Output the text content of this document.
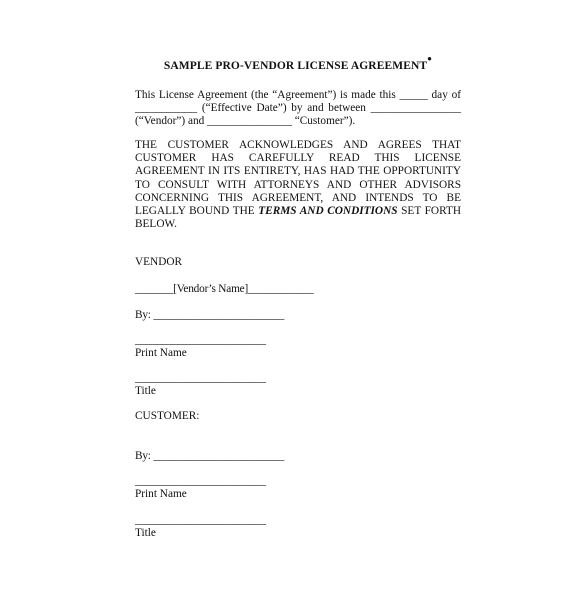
SAMPLE PRO-VENDOR LICENSE AGREEMENT●
This License Agreement (the “Agreement”) is made this _____ day of
___________ (“Effective Date”) by and between ________________
(“Vendor”) and _______________ “Customer”).
THE CUSTOMER ACKNOWLEDGES AND AGREES THAT
CUSTOMER HAS CAREFULLY READ THIS LICENSE
AGREEMENT IN ITS ENTIRETY, HAS HAD THE OPPORTUNITY
TO CONSULT WITH ATTORNEYS AND OTHER ADVISORS
CONCERNING THIS AGREEMENT, AND INTENDS TO BE
LEGALLY BOUND THE TERMS AND CONDITIONS SET FORTH
BELOW.
VENDOR
_______[Vendor’s Name]____________
By: ________________________
________________________
Print Name
________________________
Title
CUSTOMER:
By: ________________________
________________________
Print Name
________________________
Title
